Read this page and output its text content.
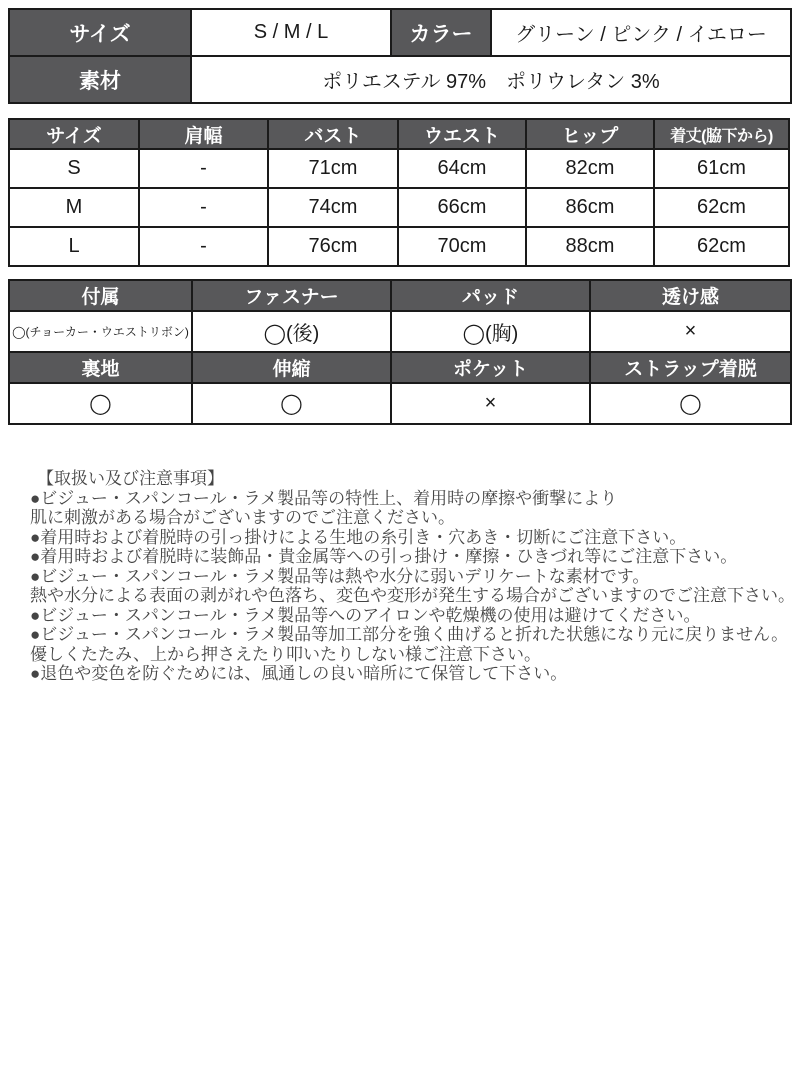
サイズ	S / M / L	カラー	グリーン / ピンク / イエロー
素材	ポリエステル 97%　ポリウレタン 3%		
サイズ	肩幅	バスト	ウエスト	ヒップ	着丈(脇下から)
S	-	71cm	64cm	82cm	61cm
M	-	74cm	66cm	86cm	62cm
L	-	76cm	70cm	88cm	62cm
付属	ファスナー	パッド	透け感
◯(チョーカー・ウエストリボン)	◯(後)	◯(胸)	×
裏地	伸縮	ポケット	ストラップ着脱
◯	◯	×	◯
【取扱い及び注意事項】
●ビジュー・スパンコール・ラメ製品等の特性上、着用時の摩擦や衝撃により
肌に刺激がある場合がございますのでご注意ください。
●着用時および着脱時の引っ掛けによる生地の糸引き・穴あき・切断にご注意下さい。
●着用時および着脱時に装飾品・貴金属等への引っ掛け・摩擦・ひきづれ等にご注意下さい。
●ビジュー・スパンコール・ラメ製品等は熱や水分に弱いデリケートな素材です。
熱や水分による表面の剥がれや色落ち、変色や変形が発生する場合がございますのでご注意下さい。
●ビジュー・スパンコール・ラメ製品等へのアイロンや乾燥機の使用は避けてください。
●ビジュー・スパンコール・ラメ製品等加工部分を強く曲げると折れた状態になり元に戻りません。
優しくたたみ、上から押さえたり叩いたりしない様ご注意下さい。
●退色や変色を防ぐためには、風通しの良い暗所にて保管して下さい。
